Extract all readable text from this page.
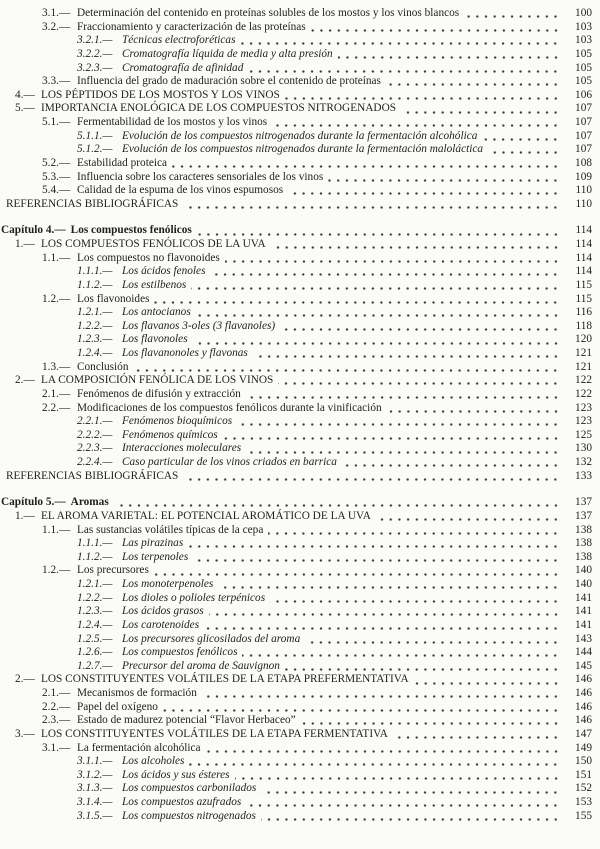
3.1.— Determinación del contenido en proteínas solubles de los mostos y los vinos blancos	100
3.2.— Fraccionamiento y caracterización de las proteínas	103
3.2.1.— Técnicas electroforéticas	103
3.2.2.— Cromatografía líquida de media y alta presión	105
3.2.3.— Cromatografía de afinidad	105
3.3.— Influencia del grado de maduración sobre el contenido de proteínas	105
4.— LOS PÉPTIDOS DE LOS MOSTOS Y LOS VINOS	106
5.— IMPORTANCIA ENOLÓGICA DE LOS COMPUESTOS NITROGENADOS	107
5.1.— Fermentabilidad de los mostos y los vinos	107
5.1.1.— Evolución de los compuestos nitrogenados durante la fermentación alcohólica	107
5.1.2.— Evolución de los compuestos nitrogenados durante la fermentación maloláctica	107
5.2.— Estabilidad proteica	108
5.3.— Influencia sobre los caracteres sensoriales de los vinos	109
5.4.— Calidad de la espuma de los vinos espumosos	110
REFERENCIAS BIBLIOGRÁFICAS	110
Capítulo 4.— Los compuestos fenólicos	114
1.— LOS COMPUESTOS FENÓLICOS DE LA UVA	114
1.1.— Los compuestos no flavonoides	114
1.1.1.— Los ácidos fenoles	114
1.1.2.— Los estilbenos	115
1.2.— Los flavonoides	115
1.2.1.— Los antocianos	116
1.2.2.— Los flavanos 3-oles (3 flavanoles)	118
1.2.3.— Los flavonoles	120
1.2.4.— Los flavanonoles y flavonas	121
1.3.— Conclusión	121
2.— LA COMPOSICIÓN FENÓLICA DE LOS VINOS	122
2.1.— Fenómenos de difusión y extracción	122
2.2.— Modificaciones de los compuestos fenólicos durante la vinificación	123
2.2.1.— Fenómenos bioquímicos	123
2.2.2.— Fenómenos químicos	125
2.2.3.— Interacciones moleculares	130
2.2.4.— Caso particular de los vinos criados en barrica	132
REFERENCIAS BIBLIOGRÁFICAS	133
Capítulo 5.— Aromas	137
1.— EL AROMA VARIETAL: EL POTENCIAL AROMÁTICO DE LA UVA	137
1.1.— Las sustancias volátiles típicas de la cepa	138
1.1.1.— Las pirazinas	138
1.1.2.— Los terpenoles	138
1.2.— Los precursores	140
1.2.1.— Los monoterpenoles	140
1.2.2.— Los dioles o polioles terpénicos	141
1.2.3.— Los ácidos grasos	141
1.2.4.— Los carotenoides	141
1.2.5.— Los precursores glicosilados del aroma	143
1.2.6.— Los compuestos fenólicos	144
1.2.7.— Precursor del aroma de Sauvignon	145
2.— LOS CONSTITUYENTES VOLÁTILES DE LA ETAPA PREFERMENTATIVA	146
2.1.— Mecanismos de formación	146
2.2.— Papel del oxígeno	146
2.3.— Estado de madurez potencial “Flavor Herbaceo”	146
3.— LOS CONSTITUYENTES VOLÁTILES DE LA ETAPA FERMENTATIVA	147
3.1.— La fermentación alcohólica	149
3.1.1.— Los alcoholes	150
3.1.2.— Los ácidos y sus ésteres	151
3.1.3.— Los compuestos carbonilados	152
3.1.4.— Los compuestos azufrados	153
3.1.5.— Los compuestos nitrogenados	155
